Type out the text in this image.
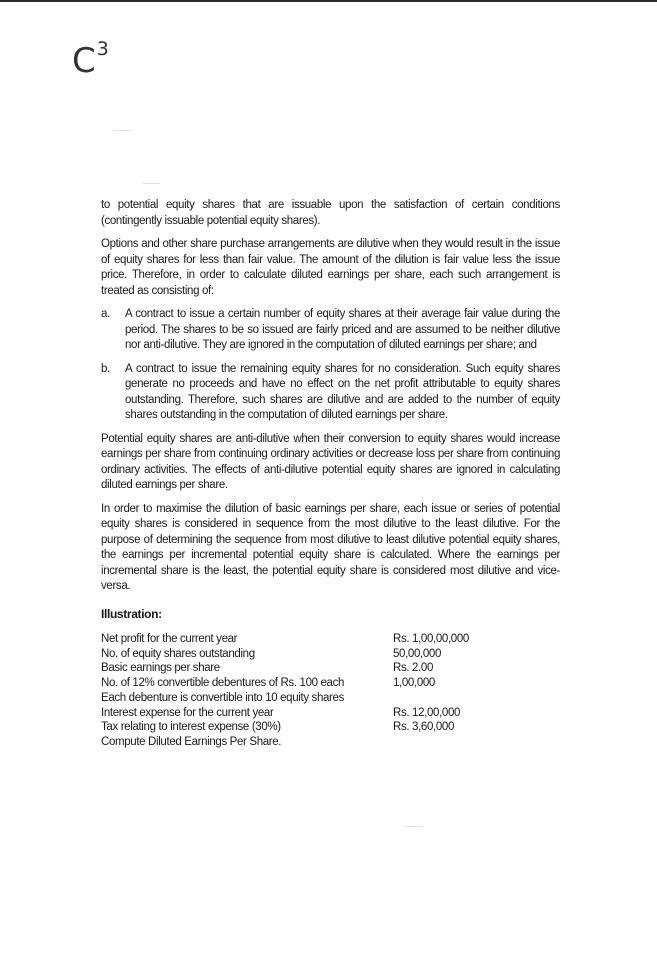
$C^3$

to potential equity shares that are issuable upon the satisfaction of certain conditions (contingently issuable potential equity shares).

Options and other share purchase arrangements are dilutive when they would result in the issue of equity shares for less than fair value. The amount of the dilution is fair value less the issue price. Therefore, in order to calculate diluted earnings per share, each such arrangement is treated as consisting of:

a.	A contract to issue a certain number of equity shares at their average fair value during the period. The shares to be so issued are fairly priced and are assumed to be neither dilutive nor anti-dilutive. They are ignored in the computation of diluted earnings per share; and
b.	A contract to issue the remaining equity shares for no consideration. Such equity shares generate no proceeds and have no effect on the net profit attributable to equity shares outstanding. Therefore, such shares are dilutive and are added to the number of equity shares outstanding in the computation of diluted earnings per share.

Potential equity shares are anti-dilutive when their conversion to equity shares would increase earnings per share from continuing ordinary activities or decrease loss per share from continuing ordinary activities. The effects of anti-dilutive potential equity shares are ignored in calculating diluted earnings per share.

In order to maximise the dilution of basic earnings per share, each issue or series of potential equity shares is considered in sequence from the most dilutive to the least dilutive. For the purpose of determining the sequence from most dilutive to least dilutive potential equity shares, the earnings per incremental potential equity share is calculated. Where the earnings per incremental share is the least, the potential equity share is considered most dilutive and vice-versa.

Illustration:
Net profit for the current year	Rs. 1,00,00,000
No. of equity shares outstanding	50,00,000
Basic earnings per share	Rs. 2.00
No. of 12% convertible debentures of Rs. 100 each	1,00,000
Each debenture is convertible into 10 equity shares	
Interest expense for the current year	Rs. 12,00,000
Tax relating to interest expense (30%)	Rs. 3,60,000
Compute Diluted Earnings Per Share.	
